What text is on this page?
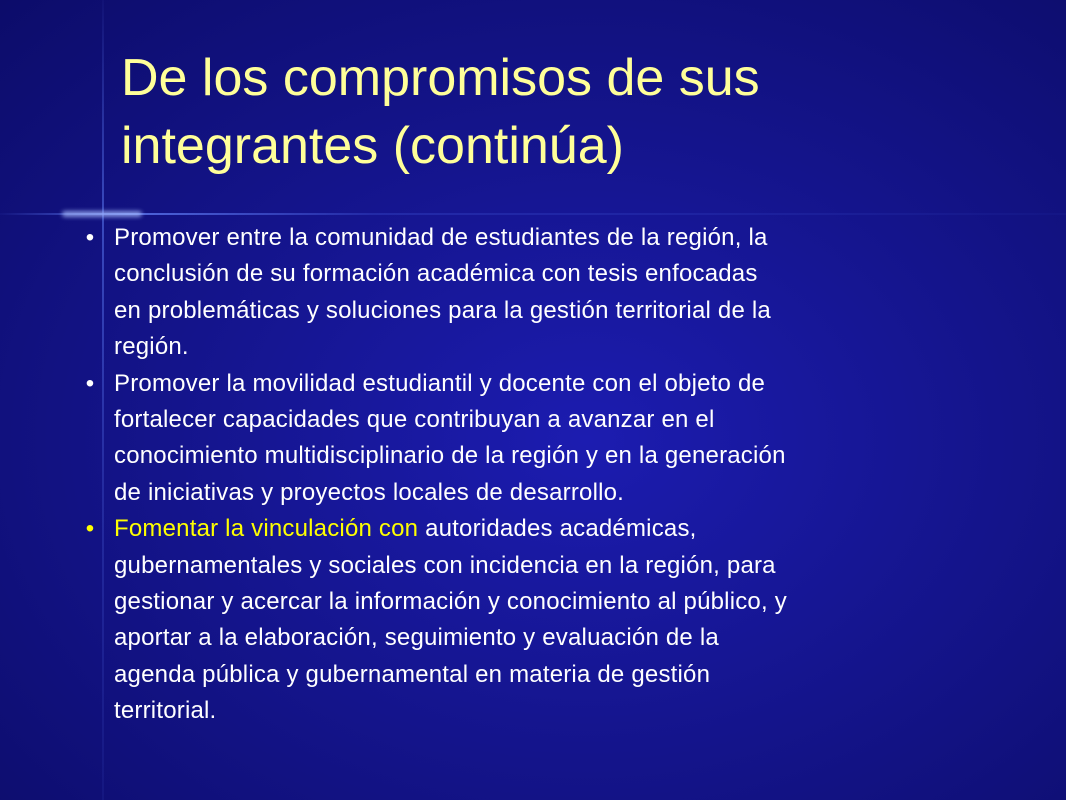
De los compromisos de sus
integrantes (continúa)
• Promover entre la comunidad de estudiantes de la región, la
conclusión de su formación académica con tesis enfocadas
en problemáticas y soluciones para la gestión territorial de la
región.
• Promover la movilidad estudiantil y docente con el objeto de
fortalecer capacidades que contribuyan a avanzar en el
conocimiento multidisciplinario de la región y en la generación
de iniciativas y proyectos locales de desarrollo.
• Fomentar la vinculación con autoridades académicas,
gubernamentales y sociales con incidencia en la región, para
gestionar y acercar la información y conocimiento al público, y
aportar a la elaboración, seguimiento y evaluación de la
agenda pública y gubernamental en materia de gestión
territorial.
